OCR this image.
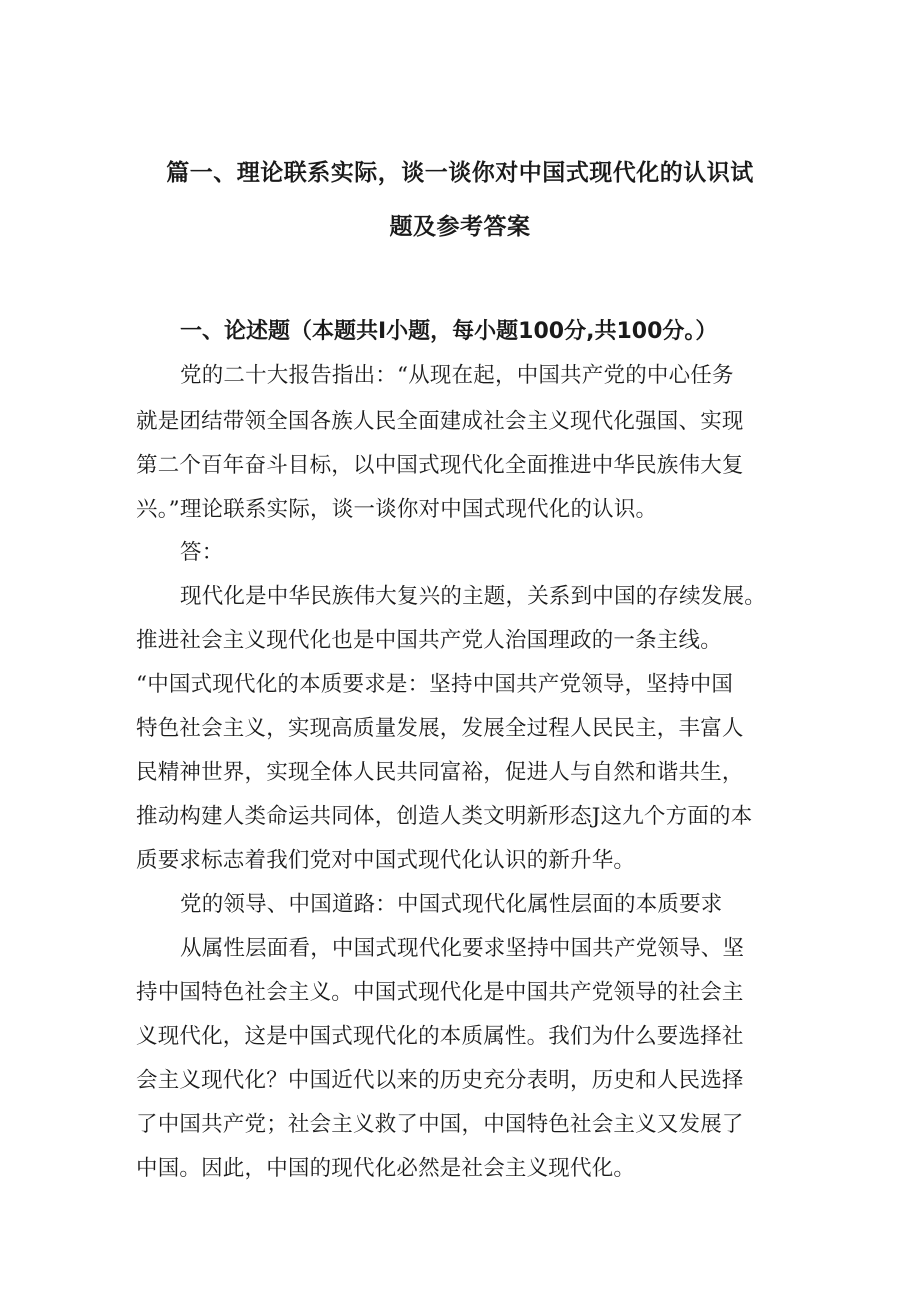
篇一、理论联系实际，谈一谈你对中国式现代化的认识试
题及参考答案
一、论述题（本题共I小题，每小题100分,共100分。）
党的二十大报告指出：“从现在起，中国共产党的中心任务
就是团结带领全国各族人民全面建成社会主义现代化强国、实现
第二个百年奋斗目标，以中国式现代化全面推进中华民族伟大复
兴。”理论联系实际，谈一谈你对中国式现代化的认识。
答：
现代化是中华民族伟大复兴的主题，关系到中国的存续发展。
推进社会主义现代化也是中国共产党人治国理政的一条主线。
“中国式现代化的本质要求是：坚持中国共产党领导，坚持中国
特色社会主义，实现高质量发展，发展全过程人民民主，丰富人
民精神世界，实现全体人民共同富裕，促进人与自然和谐共生，
推动构建人类命运共同体，创造人类文明新形态J这九个方面的本
质要求标志着我们党对中国式现代化认识的新升华。
党的领导、中国道路：中国式现代化属性层面的本质要求
从属性层面看，中国式现代化要求坚持中国共产党领导、坚
持中国特色社会主义。中国式现代化是中国共产党领导的社会主
义现代化，这是中国式现代化的本质属性。我们为什么要选择社
会主义现代化？中国近代以来的历史充分表明，历史和人民选择
了中国共产党；社会主义救了中国，中国特色社会主义又发展了
中国。因此，中国的现代化必然是社会主义现代化。
